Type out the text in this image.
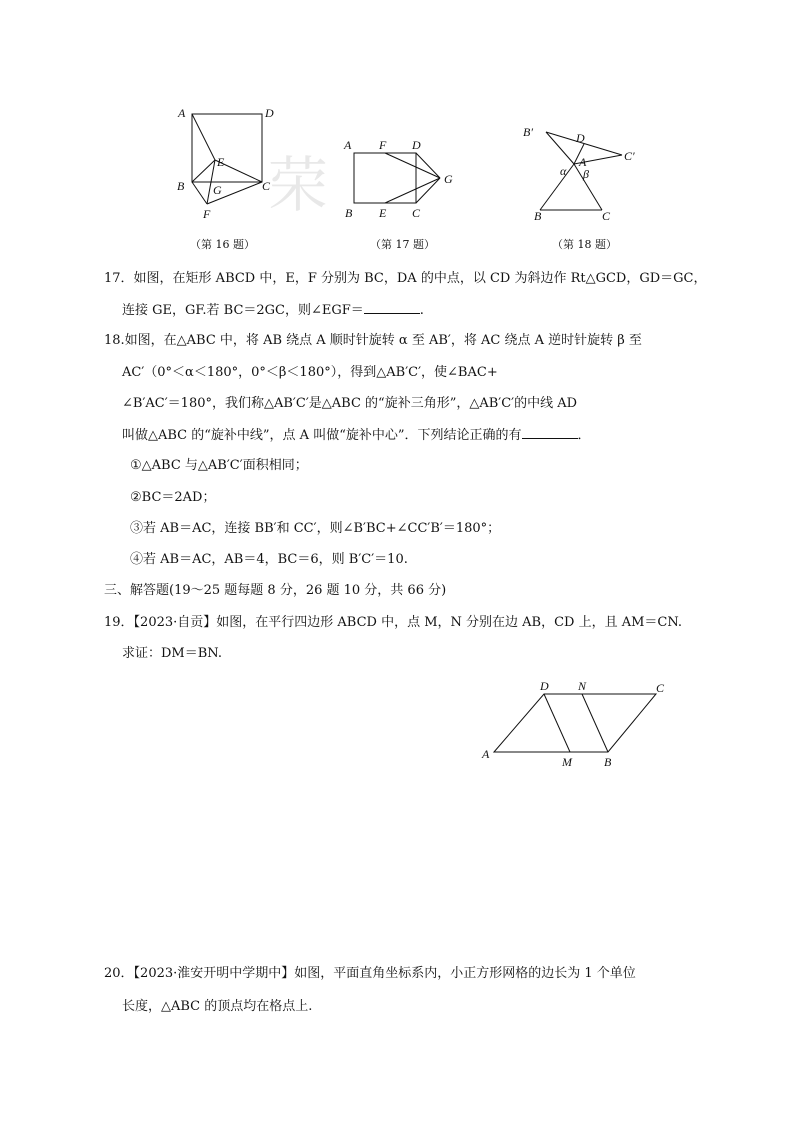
荣
A	D
E
B G	C
F
（第 16 题）
A F D
G
B E C
（第 17 题）
B′	D
C′
A
α β
B	C
（第 18 题）
17．如图，在矩形 ABCD 中，E，F 分别为 BC，DA 的中点，以 CD 为斜边作 Rt△GCD，GD＝GC，
连接 GE，GF.若 BC＝2GC，则∠EGF＝	.
18.如图，在△ABC 中，将 AB 绕点 A 顺时针旋转 α 至 AB′，将 AC 绕点 A 逆时针旋转 β 至
AC′（0°＜α＜180°，0°＜β＜180°），得到△AB′C′，使∠BAC+
∠B′AC′＝180°，我们称△AB′C′是△ABC 的“旋补三角形”，△AB′C′的中线 AD
叫做△ABC 的“旋补中线”，点 A 叫做“旋补中心”．下列结论正确的有	．
①△ABC 与△AB′C′面积相同；
②BC＝2AD；
③若 AB＝AC，连接 BB′和 CC′，则∠B′BC+∠CC′B′＝180°；
④若 AB＝AC，AB＝4，BC＝6，则 B′C′＝10.
三、解答题(19～25 题每题 8 分，26 题 10 分，共 66 分)
19．【2023·自贡】如图，在平行四边形 ABCD 中，点 M，N 分别在边 AB，CD 上，且 AM＝CN.
求证：DM＝BN.
D N	C
A
M	B
20．【2023·淮安开明中学期中】如图，平面直角坐标系内，小正方形网格的边长为 1 个单位
长度，△ABC 的顶点均在格点上.
